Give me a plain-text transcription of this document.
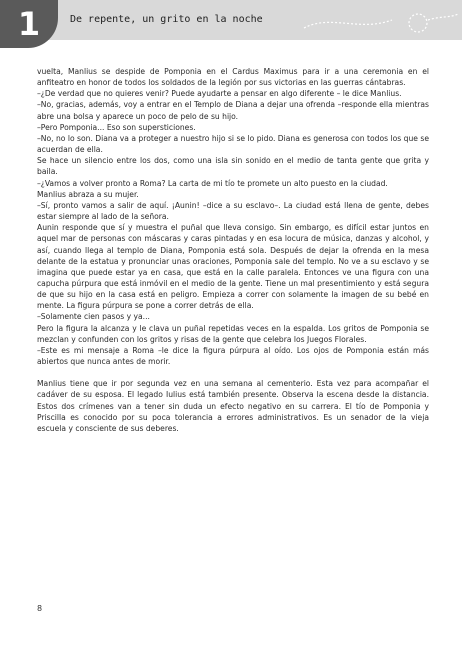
1	De repente, un grito en la noche

vuelta, Manlius se despide de Pomponia en el Cardus Maximus para ir a una ceremonia en el anfiteatro en honor de todos los soldados de la legión por sus victorias en las guerras cántabras.

–¿De verdad que no quieres venir? Puede ayudarte a pensar en algo diferente – le dice Manlius.

–No, gracias, además, voy a entrar en el Templo de Diana a dejar una ofrenda –responde ella mientras abre una bolsa y aparece un poco de pelo de su hijo.

–Pero Pomponia... Eso son supersticiones.

–No, no lo son. Diana va a proteger a nuestro hijo si se lo pido. Diana es generosa con todos los que se acuerdan de ella.

Se hace un silencio entre los dos, como una isla sin sonido en el medio de tanta gente que grita y baila.

–¿Vamos a volver pronto a Roma? La carta de mi tío te promete un alto puesto en la ciudad.

Manlius abraza a su mujer.

–Sí, pronto vamos a salir de aquí. ¡Aunin! –dice a su esclavo–. La ciudad está llena de gente, debes estar siempre al lado de la señora.

Aunin responde que sí y muestra el puñal que lleva consigo. Sin embargo, es difícil estar juntos en aquel mar de personas con máscaras y caras pintadas y en esa locura de música, danzas y alcohol, y así, cuando llega al templo de Diana, Pomponia está sola. Después de dejar la ofrenda en la mesa delante de la estatua y pronunciar unas oraciones, Pomponia sale del templo. No ve a su esclavo y se imagina que puede estar ya en casa, que está en la calle paralela. Entonces ve una figura con una capucha púrpura que está inmóvil en el medio de la gente. Tiene un mal presentimiento y está segura de que su hijo en la casa está en peligro. Empieza a correr con solamente la imagen de su bebé en mente. La figura púrpura se pone a correr detrás de ella.

–Solamente cien pasos y ya...

Pero la figura la alcanza y le clava un puñal repetidas veces en la espalda. Los gritos de Pomponia se mezclan y confunden con los gritos y risas de la gente que celebra los Juegos Florales.

–Este es mi mensaje a Roma –le dice la figura púrpura al oído. Los ojos de Pomponia están más abiertos que nunca antes de morir.

Manlius tiene que ir por segunda vez en una semana al cementerio. Esta vez para acompañar el cadáver de su esposa. El legado Iulius está también presente. Observa la escena desde la distancia. Estos dos crímenes van a tener sin duda un efecto negativo en su carrera. El tío de Pomponia y Priscilla es conocido por su poca tolerancia a errores administrativos. Es un senador de la vieja escuela y consciente de sus deberes.

8
